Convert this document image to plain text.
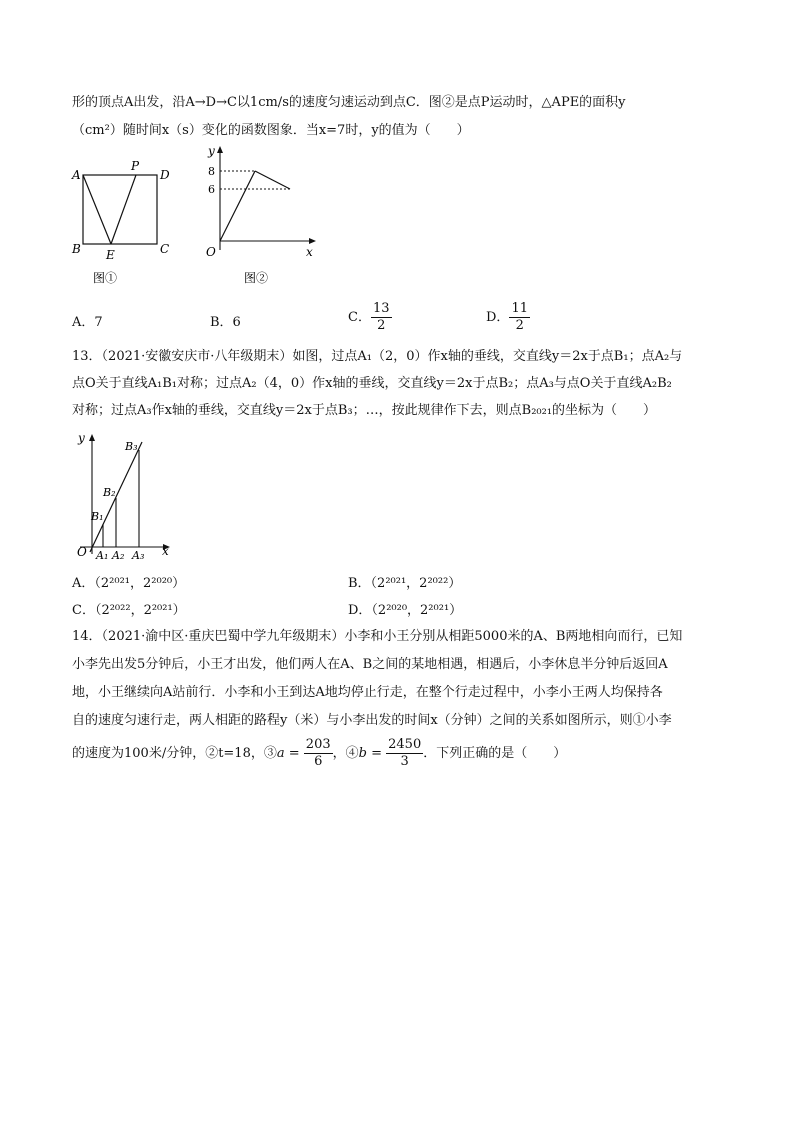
形的顶点A出发，沿A→D→C以1cm/s的速度匀速运动到点C．图②是点P运动时，△APE的面积y
（cm²）随时间x（s）变化的函数图象．当x=7时，y的值为（　　）
A
P
D
B E	C
图①
y
x
O
8
6
图②
A．7	B．6	C． $\frac{13}{2}$	D． $\frac{11}{2}$
13．（2021·安徽安庆市·八年级期末）如图，过点A₁（2，0）作x轴的垂线，交直线y＝2x于点B₁；点A₂与
点O关于直线A₁B₁对称；过点A₂（4，0）作x轴的垂线，交直线y＝2x于点B₂；点A₃与点O关于直线A₂B₂
对称；过点A₃作x轴的垂线，交直线y＝2x于点B₃；…，按此规律作下去，则点B₂₀₂₁的坐标为（　　）
y
x
O
B₁
B₂
B₃
A₁ A₂ A₃
A．（2²⁰²¹，2²⁰²⁰）	B．（2²⁰²¹，2²⁰²²）
C．（2²⁰²²，2²⁰²¹）	D．（2²⁰²⁰，2²⁰²¹）
14．（2021·渝中区·重庆巴蜀中学九年级期末）小李和小王分别从相距5000米的A、B两地相向而行，已知
小李先出发5分钟后，小王才出发，他们两人在A、B之间的某地相遇，相遇后，小李休息半分钟后返回A
地，小王继续向A站前行．小李和小王到达A地均停止行走，在整个行走过程中，小李小王两人均保持各
自的速度匀速行走，两人相距的路程y（米）与小李出发的时间x（分钟）之间的关系如图所示，则①小李
的速度为100米/分钟，②t=18，③a = $\frac{203}{6}$ ，④b = $\frac{2450}{3}$ ．下列正确的是（　　）
